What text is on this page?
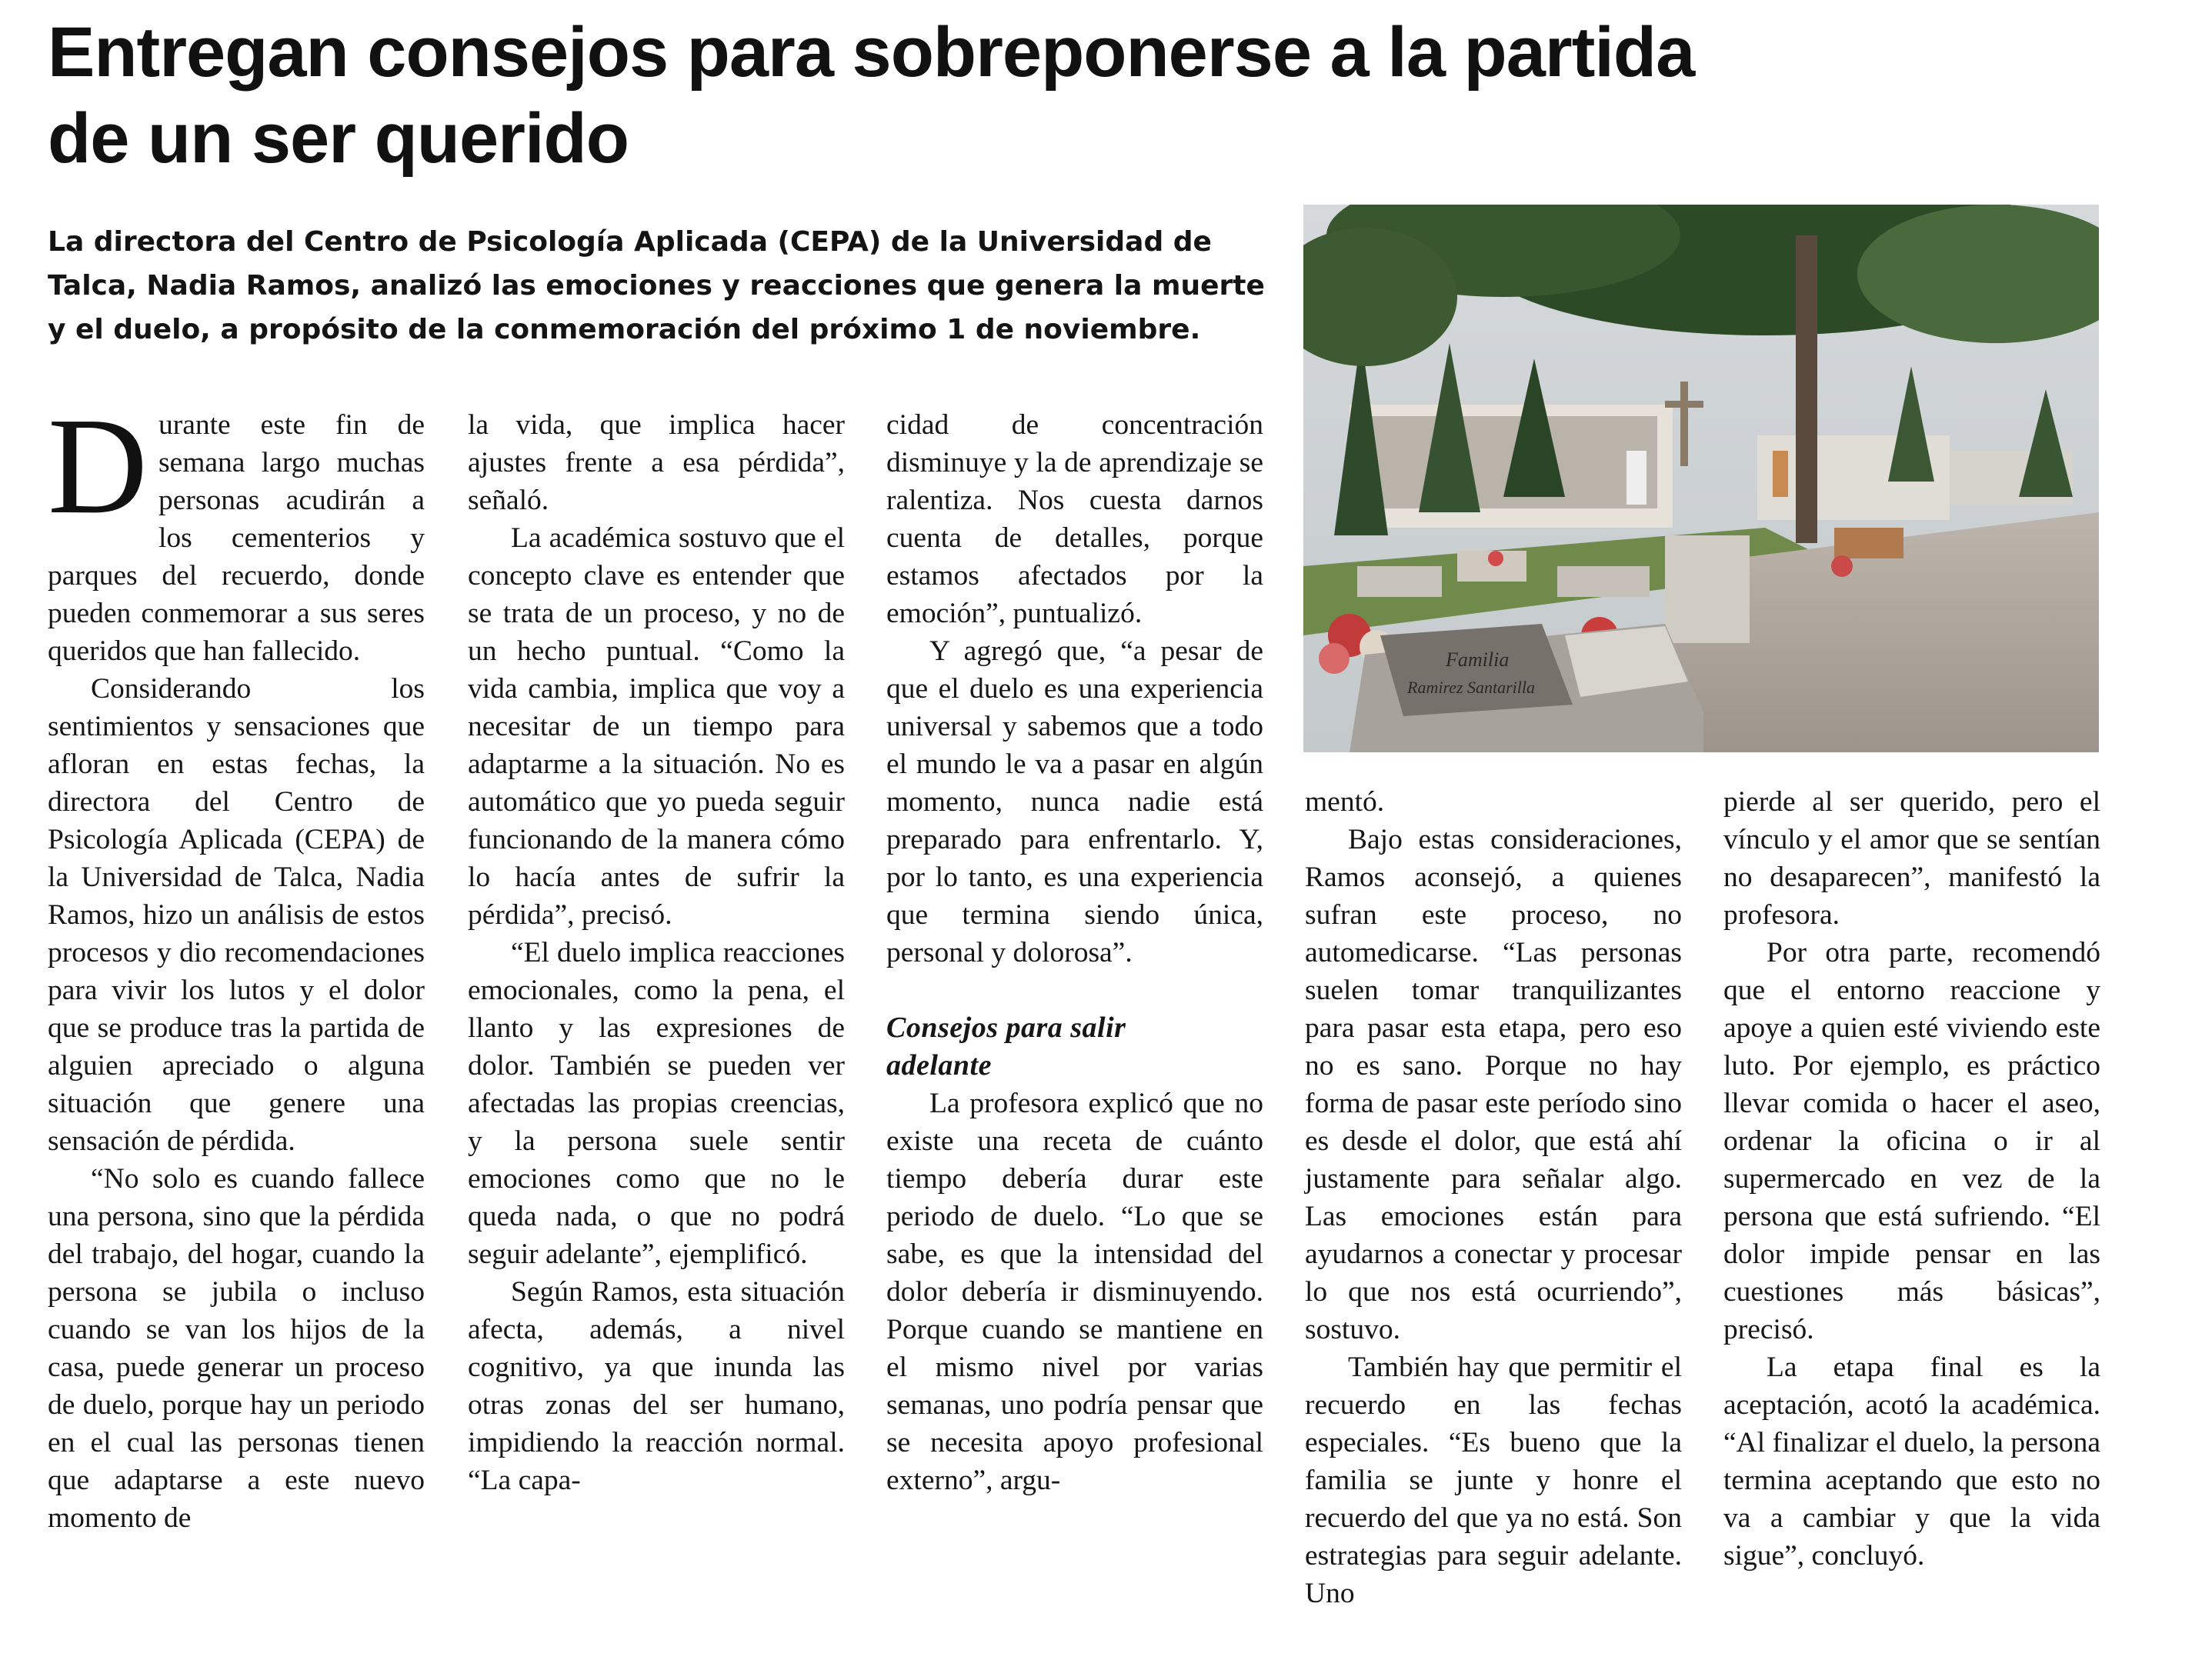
Entregan consejos para sobreponerse a la partida
de un ser querido
La directora del Centro de Psicología Aplicada (CEPA) de la Universidad de
Talca, Nadia Ramos, analizó las emociones y reacciones que genera la muerte
y el duelo, a propósito de la conmemoración del próximo 1 de noviembre.
Familia
Ramirez Santarilla

Durante este fin de semana largo muchas personas acudirán a los cementerios y parques del recuerdo, donde pueden conmemorar a sus seres queridos que han fallecido.

Considerando los sentimientos y sensaciones que afloran en estas fechas, la directora del Centro de Psicología Aplicada (CEPA) de la Universidad de Talca, Nadia Ramos, hizo un análisis de estos procesos y dio recomendaciones para vivir los lutos y el dolor que se produce tras la partida de alguien apreciado o alguna situación que genere una sensación de pérdida.

“No solo es cuando fallece una persona, sino que la pérdida del trabajo, del hogar, cuando la persona se jubila o incluso cuando se van los hijos de la casa, puede generar un proceso de duelo, porque hay un periodo en el cual las personas tienen que adaptarse a este nuevo momento de

la vida, que implica hacer ajustes frente a esa pérdida”, señaló.

La académica sostuvo que el concepto clave es entender que se trata de un proceso, y no de un hecho puntual. “Como la vida cambia, implica que voy a necesitar de un tiempo para adaptarme a la situación. No es automático que yo pueda seguir funcionando de la manera cómo lo hacía antes de sufrir la pérdida”, precisó.

“El duelo implica reacciones emocionales, como la pena, el llanto y las expresiones de dolor. También se pueden ver afectadas las propias creencias, y la persona suele sentir emociones como que no le queda nada, o que no podrá seguir adelante”, ejemplificó.

Según Ramos, esta situación afecta, además, a nivel cognitivo, ya que inunda las otras zonas del ser humano, impidiendo la reacción normal. “La capa-

cidad de concentración disminuye y la de aprendizaje se ralentiza. Nos cuesta darnos cuenta de detalles, porque estamos afectados por la emoción”, puntualizó.

Y agregó que, “a pesar de que el duelo es una experiencia universal y sabemos que a todo el mundo le va a pasar en algún momento, nunca nadie está preparado para enfrentarlo. Y, por lo tanto, es una experiencia que termina siendo única, personal y dolorosa”.

Consejos para salir
adelante

La profesora explicó que no existe una receta de cuánto tiempo debería durar este periodo de duelo. “Lo que se sabe, es que la intensidad del dolor debería ir disminuyendo. Porque cuando se mantiene en el mismo nivel por varias semanas, uno podría pensar que se necesita apoyo profesional externo”, argu-

mentó.

Bajo estas consideraciones, Ramos aconsejó, a quienes sufran este proceso, no automedicarse. “Las personas suelen tomar tranquilizantes para pasar esta etapa, pero eso no es sano. Porque no hay forma de pasar este período sino es desde el dolor, que está ahí justamente para señalar algo. Las emociones están para ayudarnos a conectar y procesar lo que nos está ocurriendo”, sostuvo.

También hay que permitir el recuerdo en las fechas especiales. “Es bueno que la familia se junte y honre el recuerdo del que ya no está. Son estrategias para seguir adelante. Uno

pierde al ser querido, pero el vínculo y el amor que se sentían no desaparecen”, manifestó la profesora.

Por otra parte, recomendó que el entorno reaccione y apoye a quien esté viviendo este luto. Por ejemplo, es práctico llevar comida o hacer el aseo, ordenar la oficina o ir al supermercado en vez de la persona que está sufriendo. “El dolor impide pensar en las cuestiones más básicas”, precisó.

La etapa final es la aceptación, acotó la académica. “Al finalizar el duelo, la persona termina aceptando que esto no va a cambiar y que la vida sigue”, concluyó.
